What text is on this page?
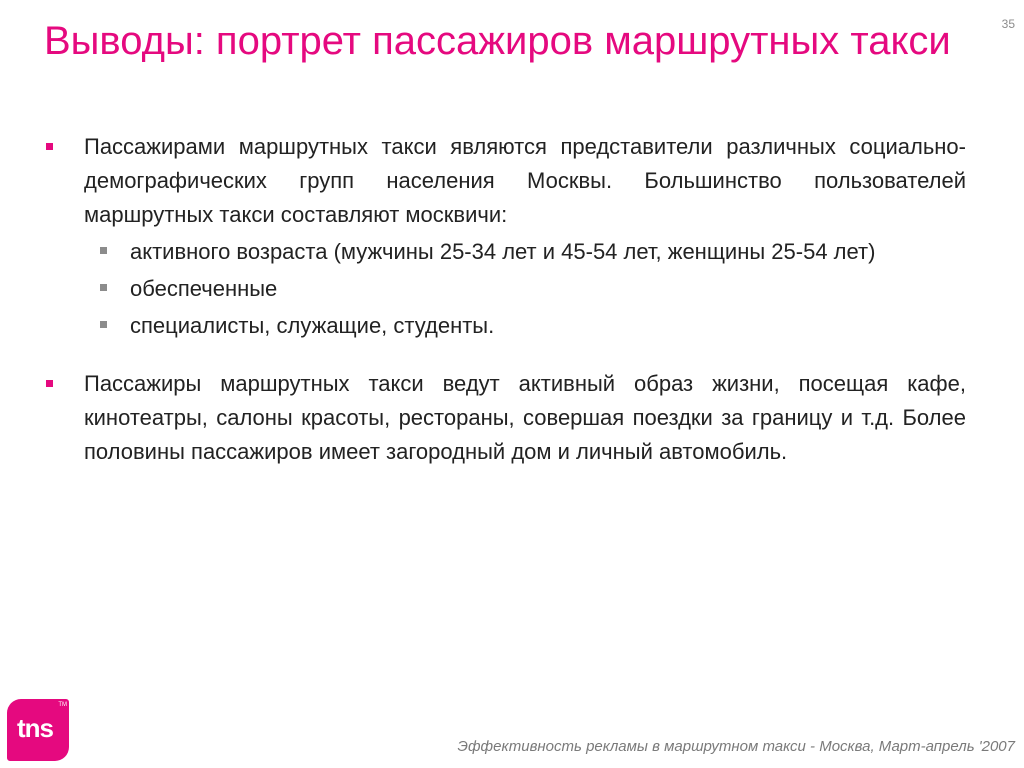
35
Выводы: портрет пассажиров маршрутных такси
Пассажирами маршрутных такси являются представители различных социально-демографических групп населения Москвы. Большинство пользователей маршрутных такси составляют москвичи:
активного возраста (мужчины 25-34 лет и 45-54 лет, женщины 25-54 лет)
обеспеченные
специалисты, служащие, студенты.
Пассажиры маршрутных такси ведут активный образ жизни, посещая кафе, кинотеатры, салоны красоты, рестораны, совершая поездки за границу и т.д. Более половины пассажиров имеет загородный дом и личный автомобиль.
tns
TM
Эффективность рекламы в маршрутном такси - Москва, Март-апрель '2007
